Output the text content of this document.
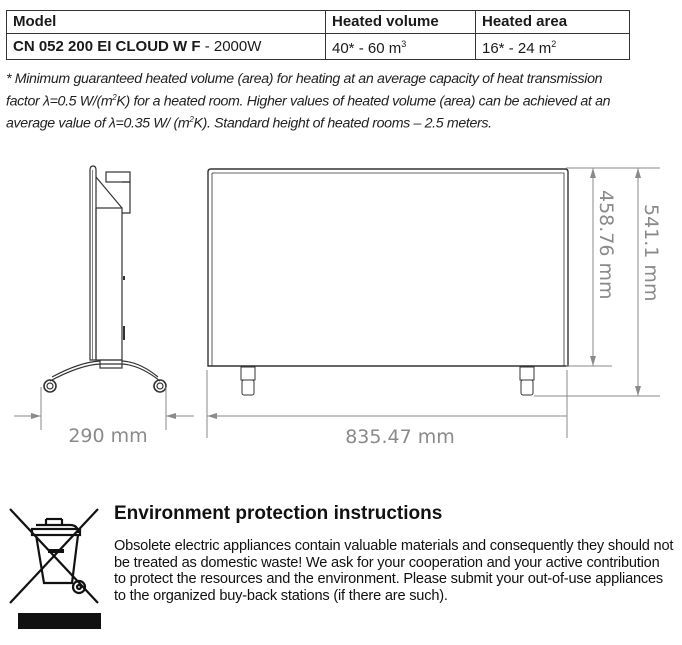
Model	Heated volume	Heated area
CN 052 200 EI CLOUD W F - 2000W	40* - 60 $m^3$	16* - 24 $m^2$
* Minimum guaranteed heated volume (area) for heating at an average capacity of heat transmission
factor λ=0.5 $W/(m^2K)$ for a heated room. Higher values of heated volume (area) can be achieved at an
average value of λ=0.35 W/ $(m^2K)$. Standard height of heated rooms – 2.5 meters.
290 mm	835.47 mm
458.76 mm 541.1 mm
Environment protection instructions
Obsolete electric appliances contain valuable materials and consequently they should not be treated as domestic waste! We ask for your cooperation and your active contribution to protect the resources and the environment. Please submit your out-of-use appliances to the organized buy-back stations (if there are such).
